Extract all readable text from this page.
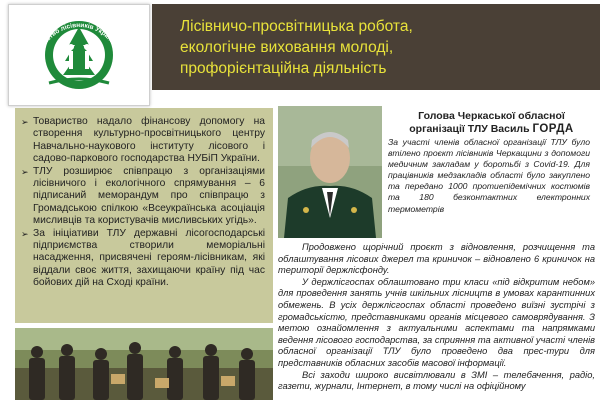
Товариство лісівників України
Лісівничо-просвітницька робота,
екологічне виховання молоді,
профорієнтаційна діяльність
➢ Товариство надало фінансову допомогу на створення культурно-просвітницького центру Навчально-наукового інституту лісового і садово-паркового господарства НУБіП України.
➢ ТЛУ розширює співпрацю з організаціями лісівничого і екологічного спрямування – 6 підписаний меморандум про співпрацю з Громадською спілкою «Всеукраїнська асоціація мисливців та користувачів мисливських угідь».
➢ За ініціативи ТЛУ державні лісогосподарські підприємства створили меморіальні насадження, присвячені героям-лісівникам, які віддали своє життя, захищаючи країну під час бойових дій на Сході країни.
Голова Черкаської обласної
організації ТЛУ Василь ГОРДА
За участі членів обласної організації ТЛУ було втілено проєкт лісівників Черкащини з допомоги медичним закладам у боротьбі з Covid-19. Для працівників медзакладів області було закуплено та передано 1000 протиепідемічних костюмів та 180 безконтактних електронних термометрів

Продовжено щорічний проєкт з відновлення, розчищення та облаштування лісових джерел та криничок – відновлено 6 криничок на території держлісфонду.

У держлісгоспах облаштовано три класи «під відкритим небом» для проведення занять учнів шкільних лісництв в умовах карантинних обмежень. В усіх держлісгоспах області проведено виїзні зустрічі з громадськістю, представниками органів місцевого самоврядування. З метою ознайомлення з актуальними аспектами та напрямками ведення лісового господарства, за сприяння та активної участі членів обласної організації ТЛУ було проведено два прес-тури для представників обласних засобів масової інформації.

Всі заходи широко висвітлювали в ЗМІ – телебачення, радіо, газети, журнали, Інтернет, в тому числі на офіційному
